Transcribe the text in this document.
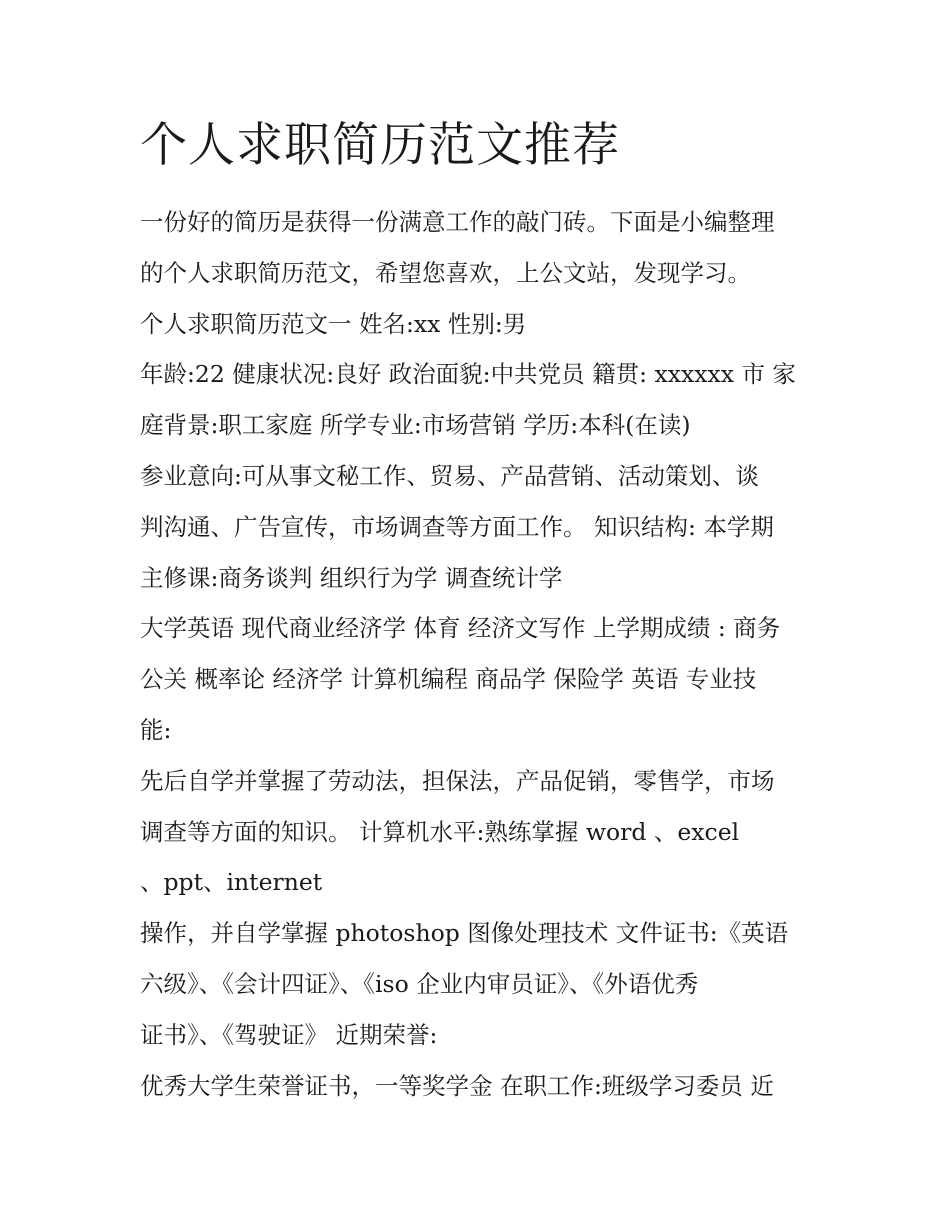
个人求职简历范文推荐
一份好的简历是获得一份满意工作的敲门砖。下面是小编整理
的个人求职简历范文，希望您喜欢，上公文站，发现学习。
个人求职简历范文一 姓名:xx 性别:男
年龄:22 健康状况:良好 政治面貌:中共党员 籍贯: xxxxxx 市 家
庭背景:职工家庭 所学专业:市场营销 学历:本科(在读)
参业意向:可从事文秘工作、贸易、产品营销、活动策划、谈
判沟通、广告宣传，市场调查等方面工作。 知识结构: 本学期
主修课:商务谈判 组织行为学 调查统计学
大学英语 现代商业经济学 体育 经济文写作 上学期成绩 : 商务
公关 概率论 经济学 计算机编程 商品学 保险学 英语 专业技
能:
先后自学并掌握了劳动法，担保法，产品促销，零售学，市场
调查等方面的知识。 计算机水平:熟练掌握 word 、excel
、ppt、internet
操作，并自学掌握 photoshop 图像处理技术 文件证书:《英语
六级》、《会计四证》、《iso 企业内审员证》、《外语优秀
证书》、《驾驶证》 近期荣誉:
优秀大学生荣誉证书，一等奖学金 在职工作:班级学习委员 近
